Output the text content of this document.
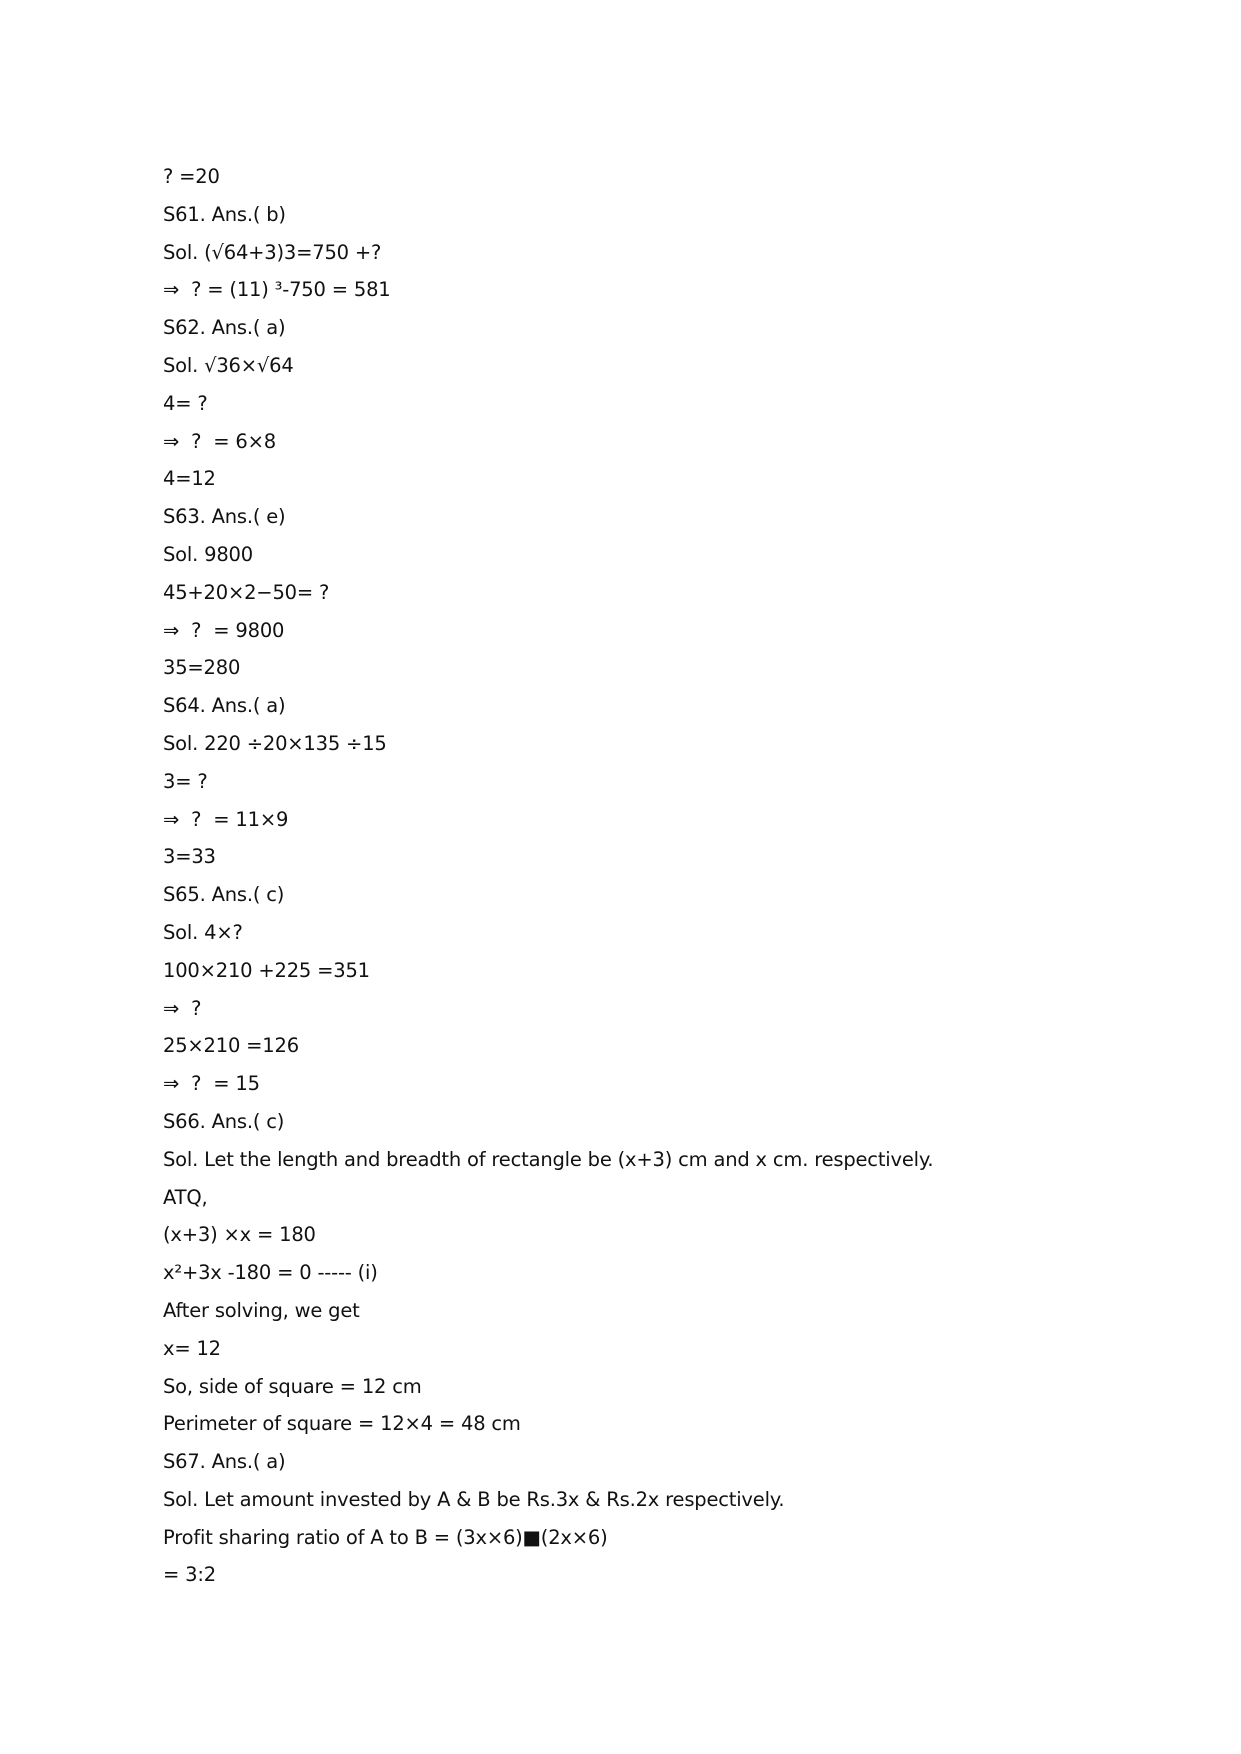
? =20
S61. Ans.( b)
Sol. (√64+3)3=750 +?
⇒  ? = (11) ³-750 = 581
S62. Ans.( a)
Sol. √36×√64
4= ?
⇒  ?  = 6×8
4=12
S63. Ans.( e)
Sol. 9800
45+20×2−50= ?
⇒  ?  = 9800
35=280
S64. Ans.( a)
Sol. 220 ÷20×135 ÷15
3= ?
⇒  ?  = 11×9
3=33
S65. Ans.( c)
Sol. 4×?
100×210 +225 =351
⇒  ?
25×210 =126
⇒  ?  = 15
S66. Ans.( c)
Sol. Let the length and breadth of rectangle be (x+3) cm and x cm. respectively.
ATQ,
(x+3) ×x = 180
x²+3x -180 = 0 ----- (i)
After solving, we get
x= 12
So, side of square = 12 cm
Perimeter of square = 12×4 = 48 cm
S67. Ans.( a)
Sol. Let amount invested by A & B be Rs.3x & Rs.2x respectively.
Profit sharing ratio of A to B = (3x×6)■(2x×6)
= 3:2
